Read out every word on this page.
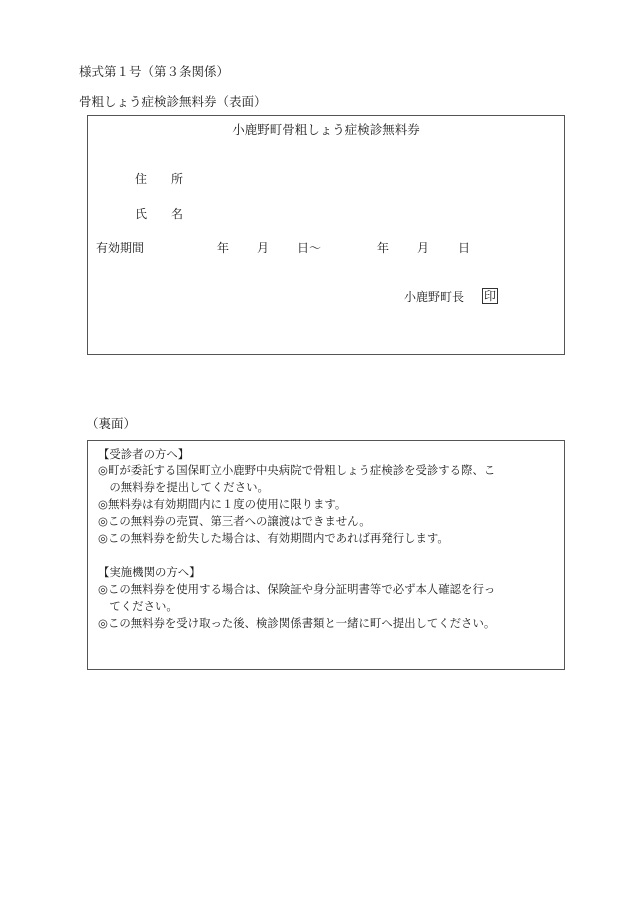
様式第１号（第３条関係）
骨粗しょう症検診無料券（表面）
小鹿野町骨粗しょう症検診無料券
住　　所
氏　　名
有効期間	年 月 日〜	年 月 日
小鹿野町長 印
（裏面）
【受診者の方へ】
◎町が委託する国保町立小鹿野中央病院で骨粗しょう症検診を受診する際、こ
　の無料券を提出してください。
◎無料券は有効期間内に１度の使用に限ります。
◎この無料券の売買、第三者への譲渡はできません。
◎この無料券を紛失した場合は、有効期間内であれば再発行します。
【実施機関の方へ】
◎この無料券を使用する場合は、保険証や身分証明書等で必ず本人確認を行っ
　てください。
◎この無料券を受け取った後、検診関係書類と一緒に町へ提出してください。
